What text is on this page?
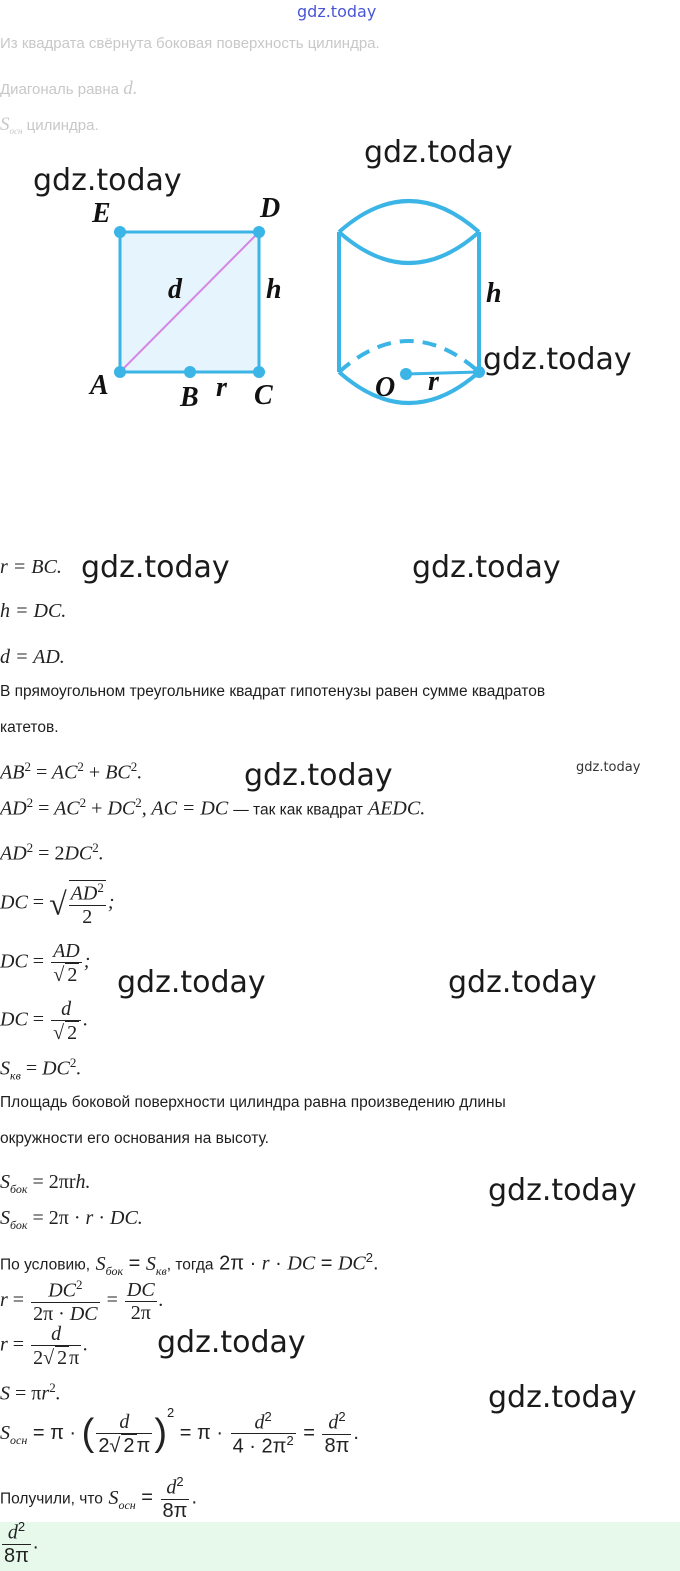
gdz.today
Из квадрата свёрнута боковая поверхность цилиндра.
Диагональ равна d.
$S_{осн}$ цилиндра.
E	D
A	B C
d	h
r
h
O r
gdz.today
gdz.today
gdz.today
gdz.today	gdz.today
gdz.today	gdz.today
gdz.today	gdz.today
gdz.today
gdz.today
gdz.today
r = BC.
h = DC.
d = AD.
В прямоугольном треугольнике квадрат гипотенузы равен сумме квадратов
катетов.
$AB^2 = AC^2 + BC^2$.
$AD^2 = AC^2 + DC^2$, AC = DC — так как квадрат AEDC.
$AD^2 = 2DC^2$.
DC = √ $\frac{AD^2}{2}$ ;
DC = $\frac{AD}{√ 2}$ ;
DC = $\frac{d}{√ 2}$ .
$S_{кв} = DC^2$.
Площадь боковой поверхности цилиндра равна произведению длины
окружности его основания на высоту.
$S_{бок} = 2\pi rh$.
$S_{бок} = 2\pi \cdot r$ · DC.
По условию, $S_{бок} = S_{кв}$, тогда 2π · r · DC = $DC^2$.
$r = \frac{DC^2}{2\pi \cdot DC} = \frac{DC}{2\pi}$ .
$r = \frac{d}{2√ 2 \pi}$ .
$S = \pi r^2$.
$S_{осн} = \pi$ · ( $\frac{d}{2√ 2 \pi} )^2 = \pi \cdot \frac{d^2}{4 \cdot 2\pi^2} = \frac{d^2}{8\pi}$ .
Получили, что $S_{осн} = \frac{d^2}{8\pi}$ .
$\frac{d^2}{8\pi}$ .
